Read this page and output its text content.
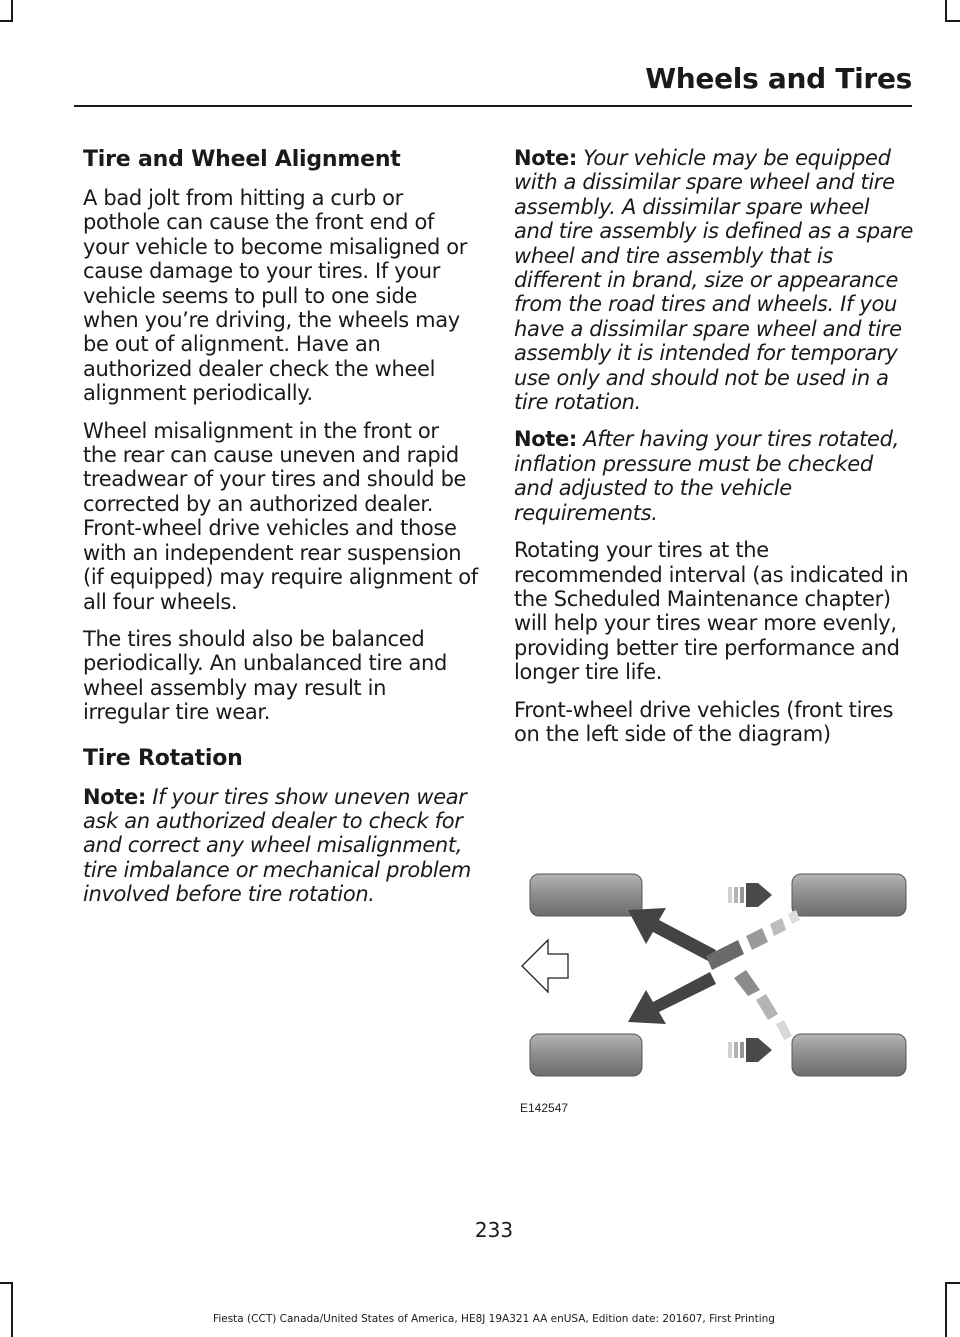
Wheels and Tires
Tire and Wheel Alignment

A bad jolt from hitting a curb or pothole can cause the front end of your vehicle to become misaligned or cause damage to your tires. If your vehicle seems to pull to one side when you’re driving, the wheels may be out of alignment. Have an authorized dealer check the wheel alignment periodically.

Wheel misalignment in the front or the rear can cause uneven and rapid treadwear of your tires and should be corrected by an authorized dealer. Front-wheel drive vehicles and those with an independent rear suspension (if equipped) may require alignment of all four wheels.

The tires should also be balanced periodically. An unbalanced tire and wheel assembly may result in irregular tire wear.

Tire Rotation

Note: If your tires show uneven wear ask an authorized dealer to check for and correct any wheel misalignment, tire imbalance or mechanical problem involved before tire rotation.

Note: Your vehicle may be equipped with a dissimilar spare wheel and tire assembly. A dissimilar spare wheel and tire assembly is defined as a spare wheel and tire assembly that is different in brand, size or appearance from the road tires and wheels. If you have a dissimilar spare wheel and tire assembly it is intended for temporary use only and should not be used in a tire rotation.

Note: After having your tires rotated, inflation pressure must be checked and adjusted to the vehicle requirements.

Rotating your tires at the recommended interval (as indicated in the Scheduled Maintenance chapter) will help your tires wear more evenly, providing better tire performance and longer tire life.

Front-wheel drive vehicles (front tires on the left side of the diagram)

E142547
233
Fiesta (CCT) Canada/United States of America, HE8J 19A321 AA enUSA, Edition date: 201607, First Printing
